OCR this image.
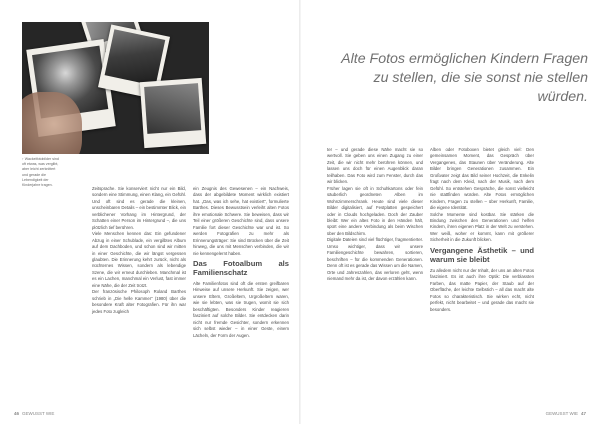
↑ Wackelfotobilder sind oft etwas, was vergilbt, aber leicht zerknittert und gerade die Lebendigkeit der Kinderjahre tragen.

Zeitsprache. Sie konserviert nicht nur ein Bild, sondern eine Stimmung, einen Klang, ein Gefühl. Und oft sind es gerade die kleinen, unscheinbaren Details – ein bestimmter Blick, ein verblichener Vorhang im Hintergrund, der Schatten einer Person im Hintergrund –, die uns plötzlich tief berühren.

Viele Menschen kennen das: Ein gefundener Abzug in einer Schublade, ein vergilbtes Album auf dem Dachboden, und schon sind wir mitten in einer Geschichte, die wir längst vergessen glaubten. Die Erinnerung kehrt zurück, nicht als nüchternes Wissen, sondern als lebendige Szene, die wir erneut durchleben. Manchmal ist es ein Lachen, manchmal ein Verlust, fast immer eine Nähe, die der Zeit trotzt.

Der französische Philosoph Roland Barthes schrieb in „Die helle Kammer“ (1980) über die besondere Kraft alter Fotografien. Für ihn war jedes Foto zugleich

ein Zeugnis des Gewesenen – ein Nachweis, dass der abgebildete Moment wirklich existiert hat. „Das, was ich sehe, hat existiert“, formulierte Barthes. Dieses Bewusstsein verleiht alten Fotos ihre emotionale Schwere. Sie beweisen, dass wir Teil einer größeren Geschichte sind, dass unsere Familie fort dieser Geschichte war und ist. So werden Fotografien zu mehr als Erinnerungsträger: Sie sind Brücken über die Zeit hinweg, die uns mit Menschen verbinden, die wir nie kennengelernt haben.

Das Fotoalbum als Familienschatz

Alte Familienfotos sind oft die ersten greifbaren Hinweise auf unsere Herkunft. Sie zeigen, wer unsere Eltern, Großeltern, Urgroßeltern waren, wie sie lebten, was sie trugen, womit sie sich beschäftigten. Besonders Kinder reagieren fasziniert auf solche Bilder. Sie entdecken darin nicht nur fremde Gesichter, sondern erkennen sich selbst wieder – in einer Geste, einem Lächeln, der Form der Augen.

Alte Fotos ermöglichen Kindern Fragen zu stellen, die sie sonst nie stellen würden.

ter – und gerade diese Nähe macht sie so wertvoll. Sie geben uns einen Zugang zu einer Zeit, die wir nicht mehr berühren können, und lassen uns doch für einen Augenblick daran teilhaben. Das Foto wird zum Fenster, durch das wir blicken.

Früher lagen sie oft in Schuhkartons oder fein säuberlich geordneten Alben im Wohnzimmerschrank. Heute sind viele dieser Bilder digitalisiert, auf Festplatten gespeichert oder in Clouds hochgeladen. Doch der Zauber bleibt: Wer ein altes Foto in den Händen hält, spürt eine andere Verbindung als beim Wischen über den Bildschirm.

Digitale Dateien sind viel flüchtiger, fragmentierter. Umso wichtiger, dass wir unsere Familiengeschichte bewahren, sortieren, beschriften – für die kommenden Generationen. Denn oft ist es gerade das Wissen um die Namen, Orte und Jahreszahlen, das verloren geht, wenn niemand mehr da ist, der davon erzählen kann.

Alben oder Fotoboxen bietet gleich viel: Den gemeinsamen Moment, das Gespräch über Vergangenes, das Staunen über Veränderung. Alte Bilder bringen Generationen zusammen. Ein Großvater zeigt das Bild seiner Hochzeit, die Enkelin fragt nach dem Kleid, nach der Musik, nach dem Gefühl. So entstehen Gespräche, die sonst vielleicht nie stattfinden würden. Alte Fotos ermöglichen Kindern, Fragen zu stellen – über Herkunft, Familie, die eigene Identität.

Solche Momente sind kostbar. Sie stärken die Bindung zwischen den Generationen und helfen Kindern, ihren eigenen Platz in der Welt zu verstehen. Wer weiß, woher er kommt, kann mit größerer Sicherheit in die Zukunft blicken.

Vergangene Ästhetik – und warum sie bleibt

Zu alledem nicht nur der Inhalt, der uns an alten Fotos fasziniert. Es ist auch ihre Optik: Die verblassten Farben, das matte Papier, der Staub auf der Oberfläche, der leichte Gelbstich – all das macht alte Fotos so charakteristisch. Sie wirken echt, nicht perfekt, nicht bearbeitet – und gerade das macht sie besonders.

46 GEWUSST WIE	GEWUSST WIE 47
